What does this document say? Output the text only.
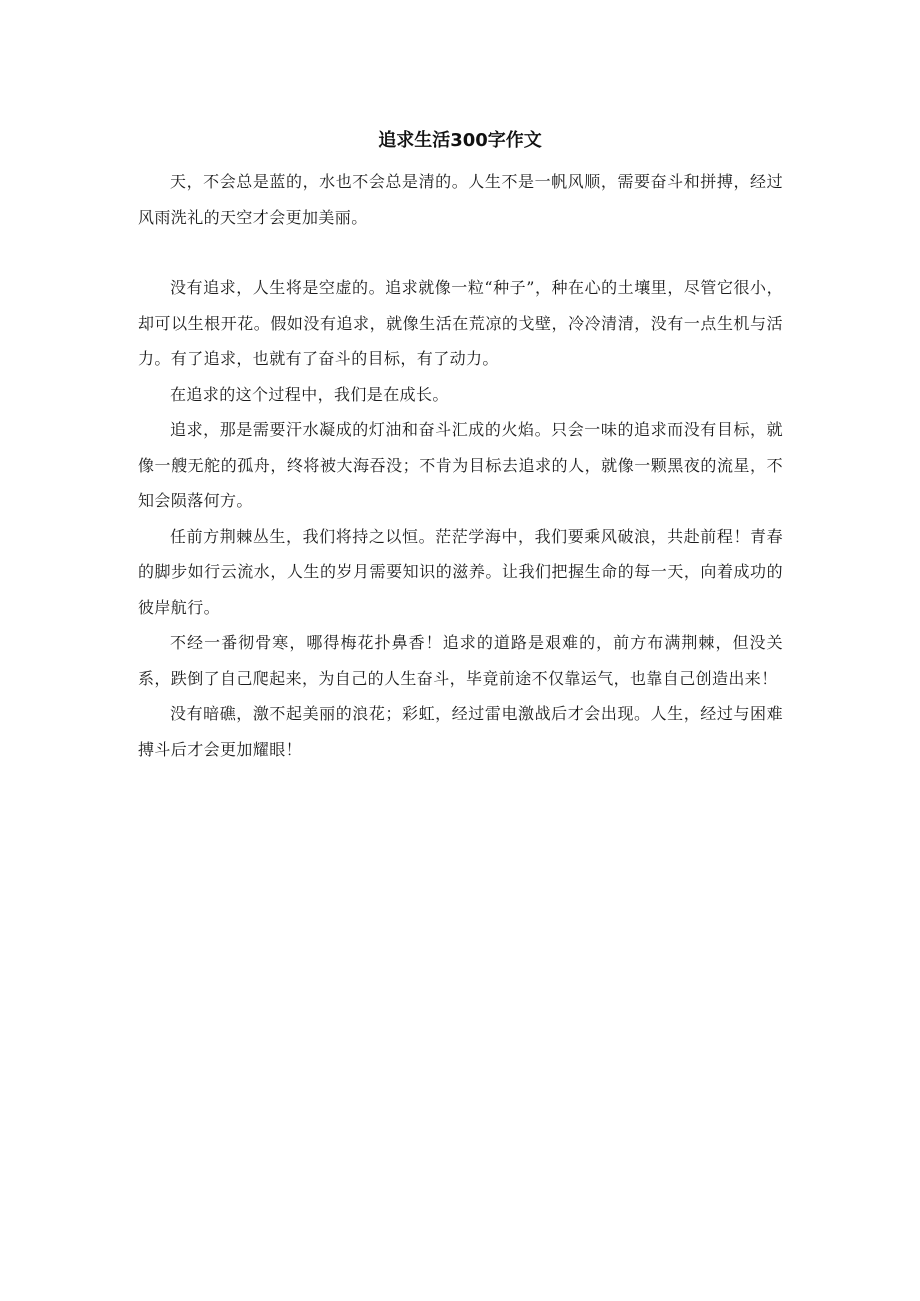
追求生活300字作文

天，不会总是蓝的，水也不会总是清的。人生不是一帆风顺，需要奋斗和拼搏，经过风雨洗礼的天空才会更加美丽。

没有追求，人生将是空虚的。追求就像一粒“种子”，种在心的土壤里，尽管它很小，却可以生根开花。假如没有追求，就像生活在荒凉的戈壁，冷冷清清，没有一点生机与活力。有了追求，也就有了奋斗的目标，有了动力。

在追求的这个过程中，我们是在成长。

追求，那是需要汗水凝成的灯油和奋斗汇成的火焰。只会一味的追求而没有目标，就像一艘无舵的孤舟，终将被大海吞没；不肯为目标去追求的人，就像一颗黑夜的流星，不知会陨落何方。

任前方荆棘丛生，我们将持之以恒。茫茫学海中，我们要乘风破浪，共赴前程！青春的脚步如行云流水，人生的岁月需要知识的滋养。让我们把握生命的每一天，向着成功的彼岸航行。

不经一番彻骨寒，哪得梅花扑鼻香！追求的道路是艰难的，前方布满荆棘，但没关系，跌倒了自己爬起来，为自己的人生奋斗，毕竟前途不仅靠运气，也靠自己创造出来！

没有暗礁，激不起美丽的浪花；彩虹，经过雷电激战后才会出现。人生，经过与困难搏斗后才会更加耀眼！
